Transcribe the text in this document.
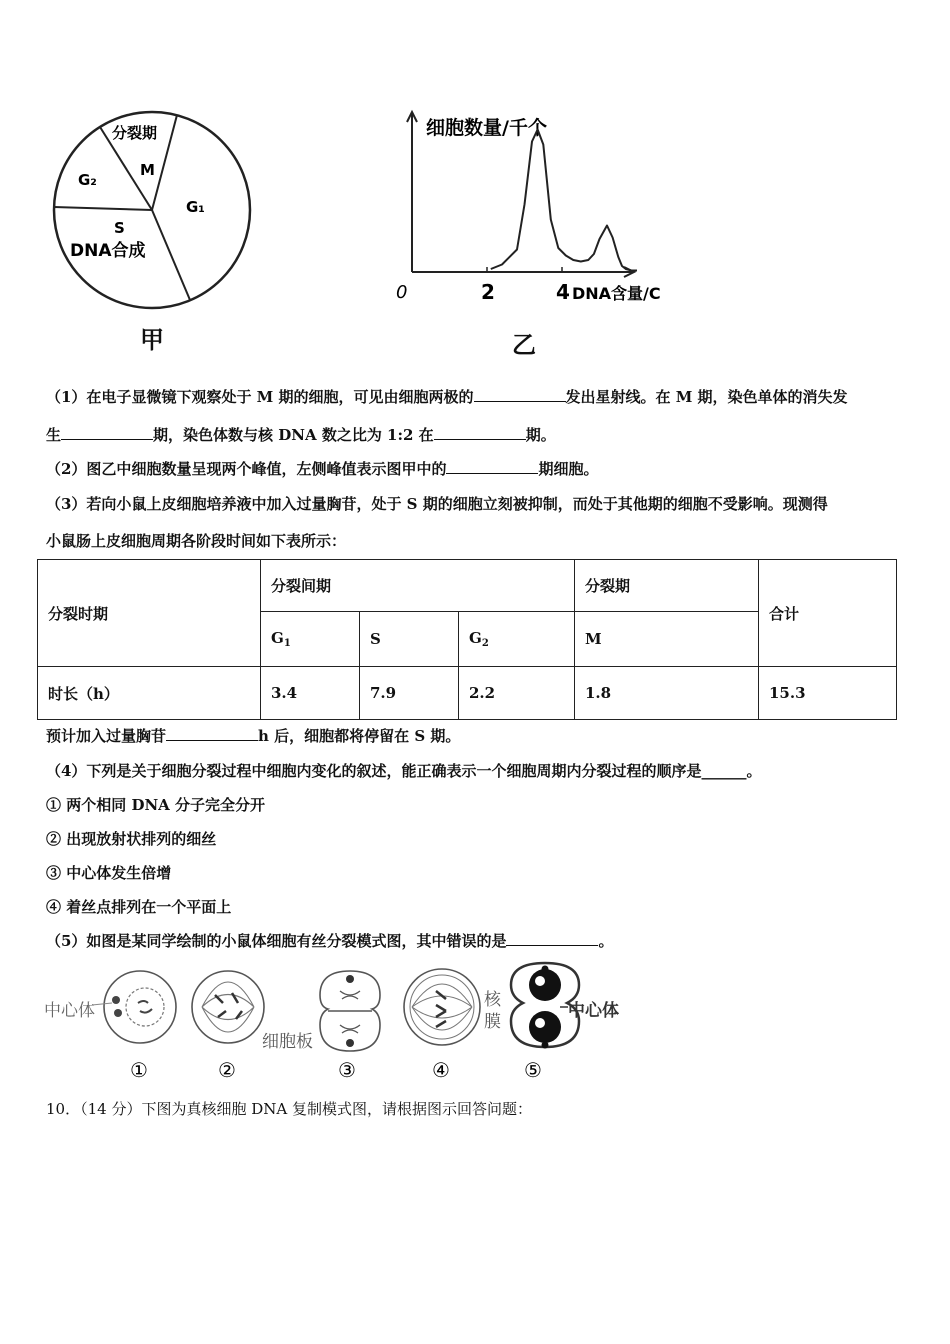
分裂期
M
G₂
G₁
S
DNA合成
甲
细胞数量/千个
0	2	4 DNA含量/C
乙
（1）在电子显微镜下观察处于 M 期的细胞，可见由细胞两极的	发出星射线。在 M 期，染色单体的消失发
生	期，染色体数与核 DNA 数之比为 1:2 在	期。
（2）图乙中细胞数量呈现两个峰值，左侧峰值表示图甲中的	期细胞。
（3）若向小鼠上皮细胞培养液中加入过量胸苷，处于 S 期的细胞立刻被抑制，而处于其他期的细胞不受影响。现测得
小鼠肠上皮细胞周期各阶段时间如下表所示：
分裂时期	分裂间期			分裂期	合计
	$G_1$	S	$G_2$	M	
时长（h）	3.4	7.9	2.2	1.8	15.3
预计加入过量胸苷	h 后，细胞都将停留在 S 期。
（4）下列是关于细胞分裂过程中细胞内变化的叙述，能正确表示一个细胞周期内分裂过程的顺序是______。
① 两个相同 DNA 分子完全分开
② 出现放射状排列的细丝
③ 中心体发生倍增
④ 着丝点排列在一个平面上
（5）如图是某同学绘制的小鼠体细胞有丝分裂模式图，其中错误的是	。
中心体
细胞板
核
膜
中心体
①	②	③	④	⑤
10．（14 分）下图为真核细胞 DNA 复制模式图，请根据图示回答问题：
